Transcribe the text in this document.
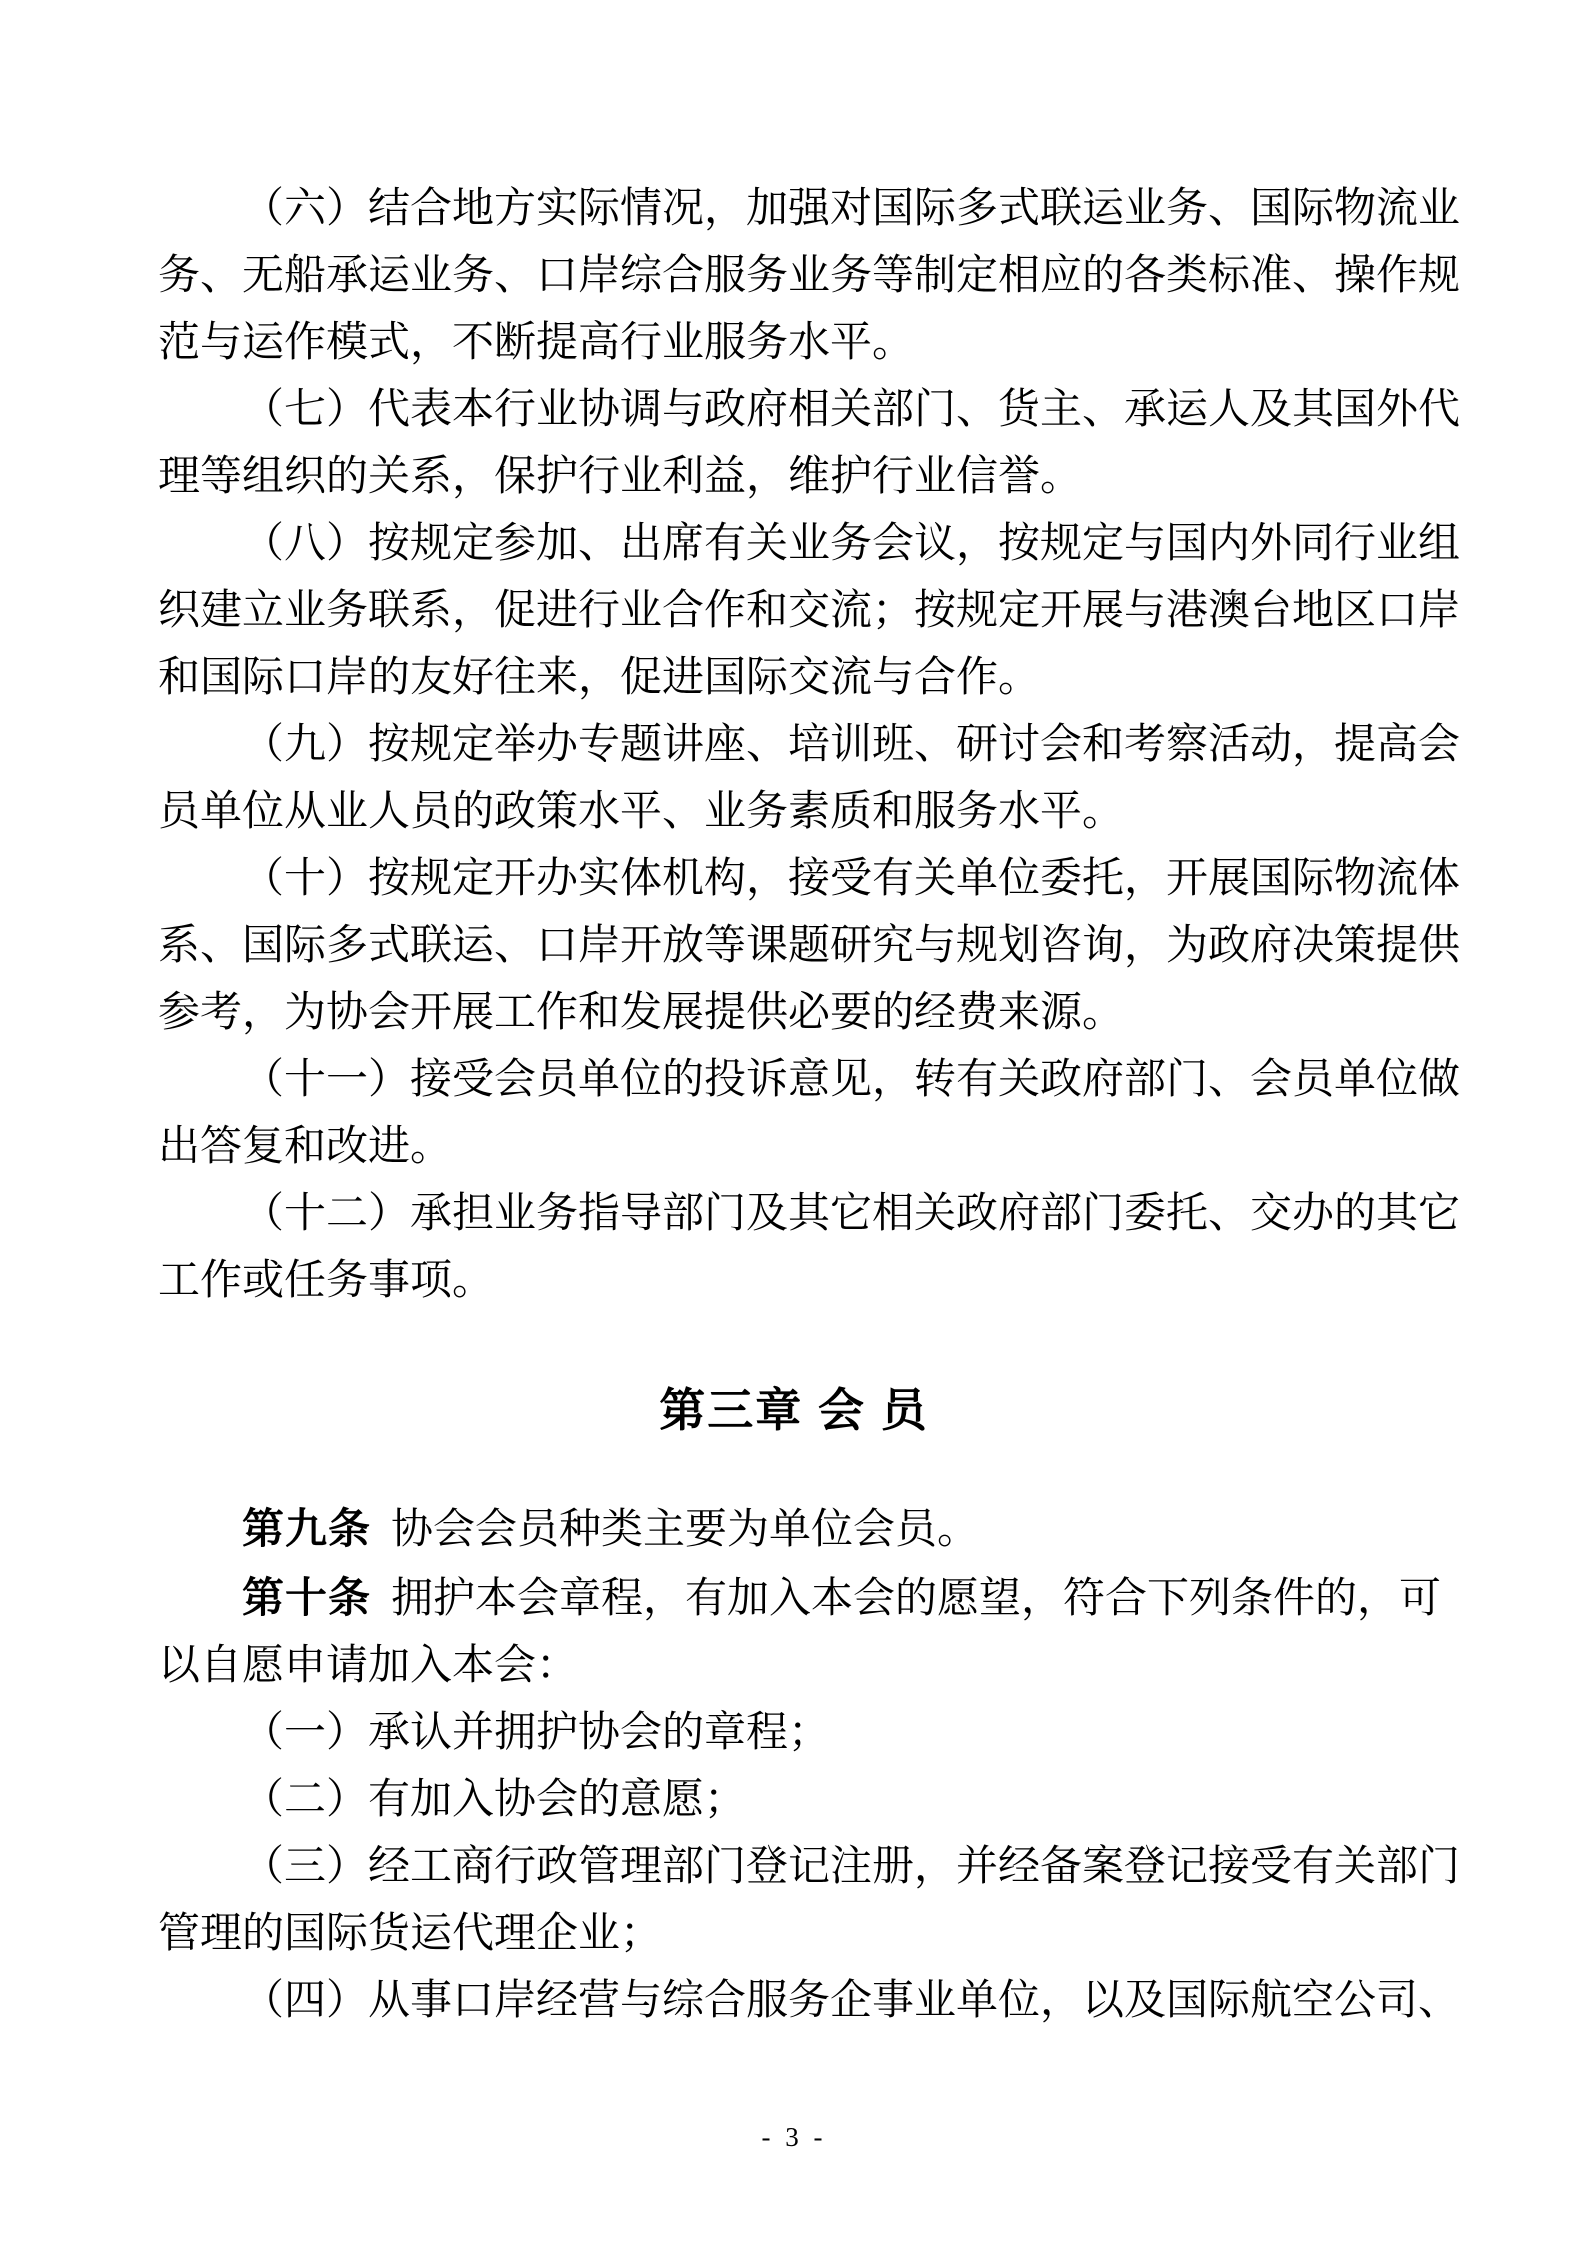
（六）结合地方实际情况，加强对国际多式联运业务、国际物流业
务、无船承运业务、口岸综合服务业务等制定相应的各类标准、操作规
范与运作模式，不断提高行业服务水平。
（七）代表本行业协调与政府相关部门、货主、承运人及其国外代
理等组织的关系，保护行业利益，维护行业信誉。
（八）按规定参加、出席有关业务会议，按规定与国内外同行业组
织建立业务联系，促进行业合作和交流；按规定开展与港澳台地区口岸
和国际口岸的友好往来，促进国际交流与合作。
（九）按规定举办专题讲座、培训班、研讨会和考察活动，提高会
员单位从业人员的政策水平、业务素质和服务水平。
（十）按规定开办实体机构，接受有关单位委托，开展国际物流体
系、国际多式联运、口岸开放等课题研究与规划咨询，为政府决策提供
参考，为协会开展工作和发展提供必要的经费来源。
（十一）接受会员单位的投诉意见，转有关政府部门、会员单位做
出答复和改进。
（十二）承担业务指导部门及其它相关政府部门委托、交办的其它
工作或任务事项。
第三章 会 员
第九条 协会会员种类主要为单位会员。
第十条 拥护本会章程，有加入本会的愿望，符合下列条件的，可
以自愿申请加入本会：
（一）承认并拥护协会的章程；
（二）有加入协会的意愿；
（三）经工商行政管理部门登记注册，并经备案登记接受有关部门
管理的国际货运代理企业；
（四）从事口岸经营与综合服务企事业单位，以及国际航空公司、
- 3 -
